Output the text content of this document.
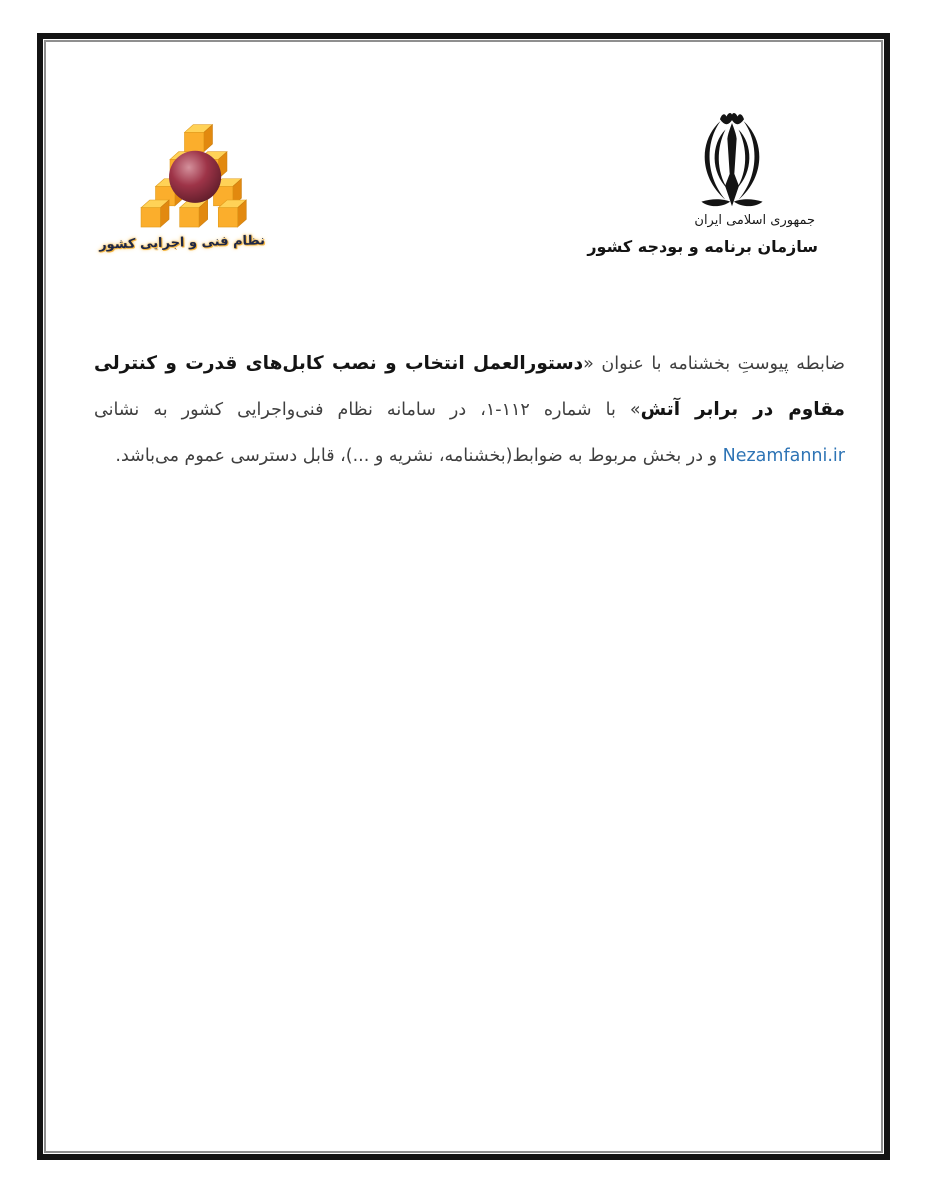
نظام فنی و اجرایی کشور
جمهوری اسلامی ایران
سازمان برنامه و بودجه کشور

ضابطه پیوستِ بخشنامه با عنوان «دستورالعمل انتخاب و نصب کابل‌های قدرت و کنترلی مقاوم در برابر آتش» با شماره ۱-۱۱۲، در سامانه نظام فنی‌واجرایی کشور به نشانی Nezamfanni.ir و در بخش مربوط به ضوابط(بخشنامه، نشریه و ...)، قابل دسترسی عموم می‌باشد.
